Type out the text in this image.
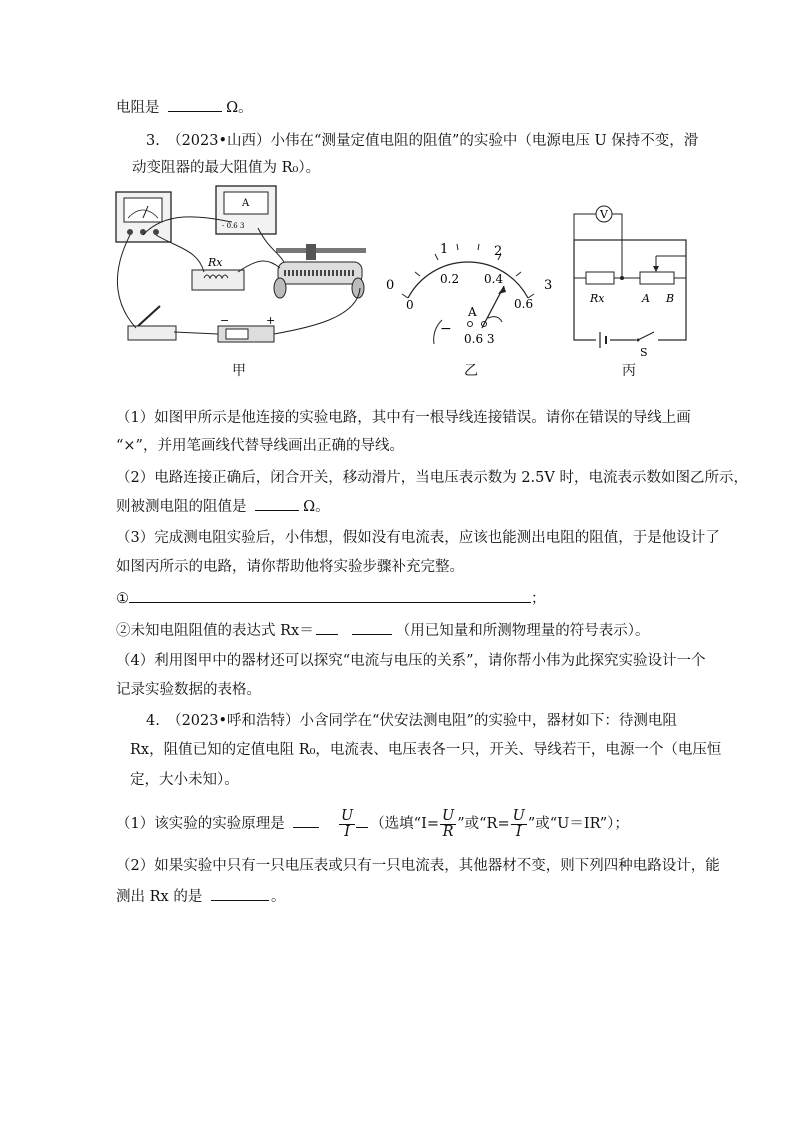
电阻是	Ω。
3.　（2023•山西）小伟在“测量定值电阻的阻值”的实验中（电源电压 U 保持不变，滑
动变阻器的最大阻值为 R₀）。
A
- 0.6 3
Rx
−	+
甲
0
1	2
3
0
0.2 0.4
0.6
A
−
0.6 3
乙
V
Rx	A B
S
丙
（1）如图甲所示是他连接的实验电路，其中有一根导线连接错误。请你在错误的导线上画
“×”，并用笔画线代替导线画出正确的导线。
（2）电路连接正确后，闭合开关，移动滑片，当电压表示数为 2.5V 时，电流表示数如图乙所示，
则被测电阻的阻值是	Ω。
（3）完成测电阻实验后，小伟想，假如没有电流表，应该也能测出电阻的阻值，于是他设计了
如图丙所示的电路，请你帮助他将实验步骤补充完整。
①	；
②未知电阻阻值的表达式 Rx＝	（用已知量和所测物理量的符号表示）。
（4）利用图甲中的器材还可以探究“电流与电压的关系”，请你帮小伟为此探究实验设计一个
记录实验数据的表格。
4.　（2023•呼和浩特）小含同学在“伏安法测电阻”的实验中，器材如下：待测电阻
Rx，阻值已知的定值电阻 R₀，电流表、电压表各一只，开关、导线若干，电源一个（电压恒
定，大小未知）。
（1）该实验的实验原理是	$\frac{U}{I}$ （选填“$I= \frac{U}{R}$ ”或“$R= \frac{U}{I}$ ”或“U＝IR”）；
（2）如果实验中只有一只电压表或只有一只电流表，其他器材不变，则下列四种电路设计，能
测出 Rx 的是	。
